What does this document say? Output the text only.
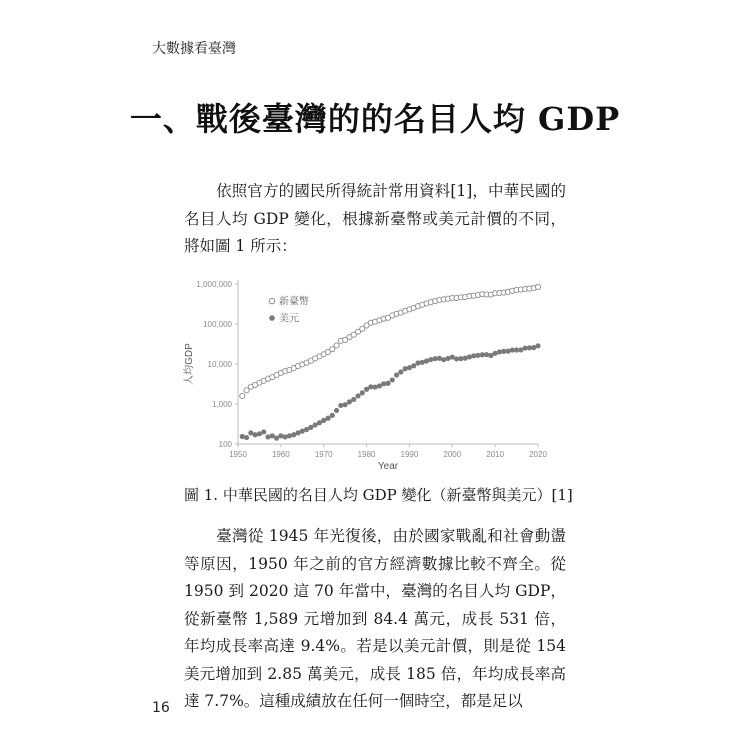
大數據看臺灣
一、戰後臺灣的的名目人均 GDP

依照官方的國民所得統計常用資料[1]，中華民國的名目人均 GDP 變化，根據新臺幣或美元計價的不同，將如圖 1 所示：

100
1,000
10,000
100,000
1,000,000
1950	1960	1970	1980	1990	2000	2010	2020
Year
人均GDP
新臺幣
美元
圖 1. 中華民國的名目人均 GDP 變化（新臺幣與美元）[1]

臺灣從 1945 年光復後，由於國家戰亂和社會動盪等原因，1950 年之前的官方經濟數據比較不齊全。從 1950 到 2020 這 70 年當中，臺灣的名目人均 GDP，從新臺幣 1,589 元增加到 84.4 萬元，成長 531 倍，年均成長率高達 9.4%。若是以美元計價，則是從 154 美元增加到 2.85 萬美元，成長 185 倍，年均成長率高達 7.7%。這種成績放在任何一個時空，都是足以

16
